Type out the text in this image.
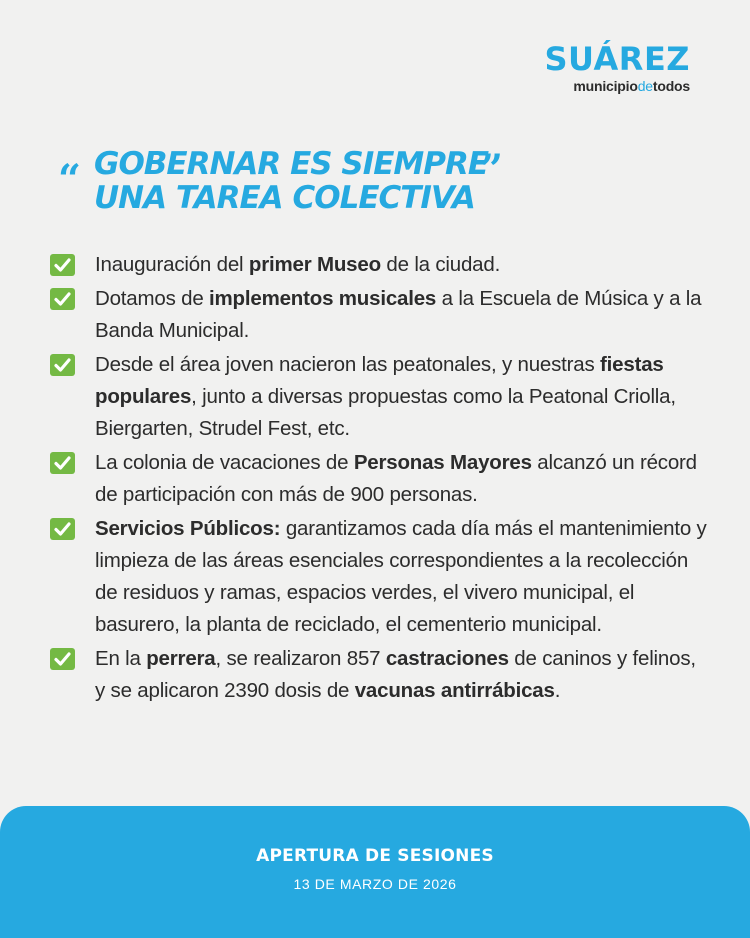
SUÁREZ
municipiodetodos
“ GOBERNAR ES SIEMPRE
UNA TAREA COLECTIVA
”
Inauguración del primer Museo de la ciudad.
Dotamos de implementos musicales a la Escuela de Música y a la Banda Municipal.
Desde el área joven nacieron las peatonales, y nuestras fiestas populares, junto a diversas propuestas como la Peatonal Criolla, Biergarten, Strudel Fest, etc.
La colonia de vacaciones de Personas Mayores alcanzó un récord de participación con más de 900 personas.
Servicios Públicos: garantizamos cada día más el mantenimiento y limpieza de las áreas esenciales correspondientes a la recolección de residuos y ramas, espacios verdes, el vivero municipal, el basurero, la planta de reciclado, el cementerio municipal.
En la perrera, se realizaron 857 castraciones de caninos y felinos, y se aplicaron 2390 dosis de vacunas antirrábicas.
APERTURA DE SESIONES
13 DE MARZO DE 2026
